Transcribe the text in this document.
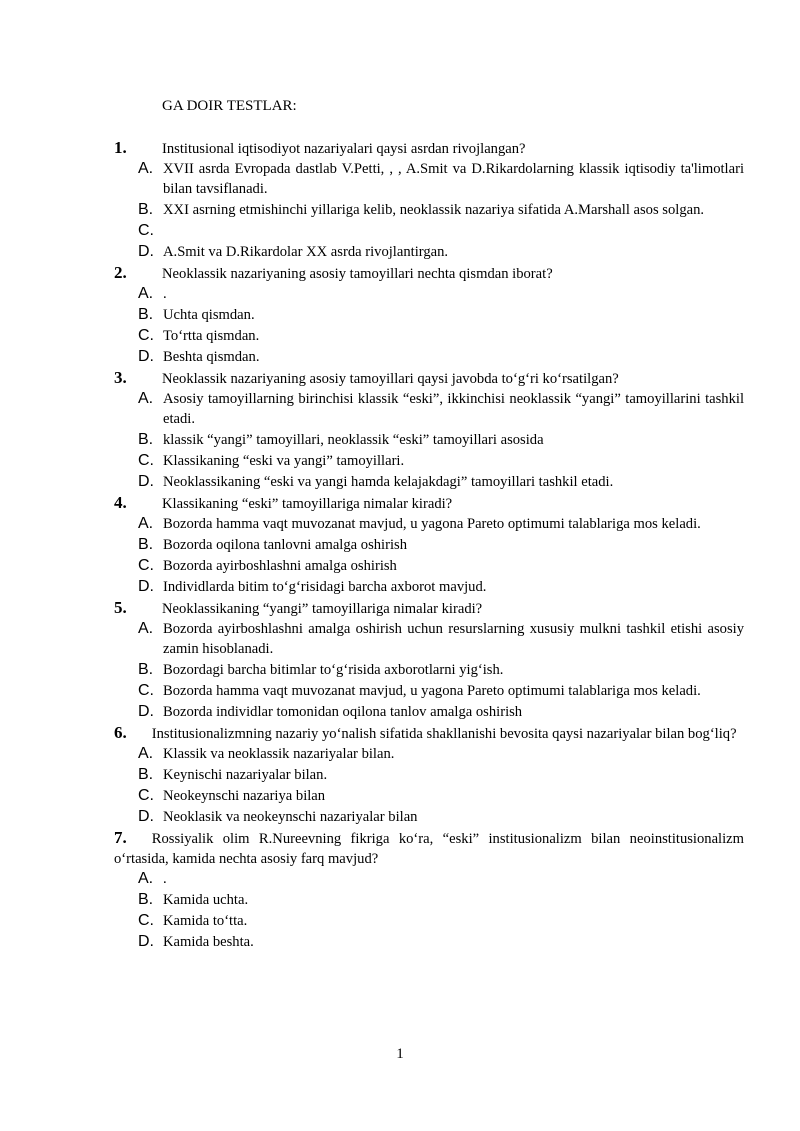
GA DOIR TESTLAR:
1. Institusional iqtisodiyot nazariyalari qaysi asrdan rivojlangan?
A. XVII asrda Evropada dastlab V.Petti, , , A.Smit va D.Rikardolarning klassik iqtisodiy ta'limotlari bilan tavsiflanadi.
B. XXI asrning etmishinchi yillariga kelib, neoklassik nazariya sifatida A.Marshall asos solgan.
C.
D. A.Smit va D.Rikardolar XX asrda rivojlantirgan.
2. Neoklassik nazariyaning asosiy tamoyillari nechta qismdan iborat?
A. .
B. Uchta qismdan.
C. To‘rtta qismdan.
D. Beshta qismdan.
3. Neoklassik nazariyaning asosiy tamoyillari qaysi javobda to‘g‘ri ko‘rsatilgan?
A. Asosiy tamoyillarning birinchisi klassik “eski”, ikkinchisi neoklassik “yangi” tamoyillarini tashkil etadi.
B. klassik “yangi” tamoyillari, neoklassik “eski” tamoyillari asosida
C. Klassikaning “eski va yangi” tamoyillari.
D. Neoklassikaning “eski va yangi hamda kelajakdagi” tamoyillari tashkil etadi.
4. Klassikaning “eski” tamoyillariga nimalar kiradi?
A. Bozorda hamma vaqt muvozanat mavjud, u yagona Pareto optimumi talablariga mos keladi.
B. Bozorda oqilona tanlovni amalga oshirish
C. Bozorda ayirboshlashni amalga oshirish
D. Individlarda bitim to‘g‘risidagi barcha axborot mavjud.
5. Neoklassikaning “yangi” tamoyillariga nimalar kiradi?
A. Bozorda ayirboshlashni amalga oshirish uchun resurslarning xususiy mulkni tashkil etishi asosiy zamin hisoblanadi.
B. Bozordagi barcha bitimlar to‘g‘risida axborotlarni yig‘ish.
C. Bozorda hamma vaqt muvozanat mavjud, u yagona Pareto optimumi talablariga mos keladi.
D. Bozorda individlar tomonidan oqilona tanlov amalga oshirish
6. Institusionalizmning nazariy yo‘nalish sifatida shakllanishi bevosita qaysi nazariyalar bilan bog‘liq?
A. Klassik va neoklassik nazariyalar bilan.
B. Keynischi nazariyalar bilan.
C. Neokeynschi nazariya bilan
D. Neoklasik va neokeynschi nazariyalar bilan
7. Rossiyalik olim R.Nureevning fikriga ko‘ra, “eski” institusionalizm bilan neoinstitusionalizm o‘rtasida, kamida nechta asosiy farq mavjud?
A. .
B. Kamida uchta.
C. Kamida to‘tta.
D. Kamida beshta.
1
